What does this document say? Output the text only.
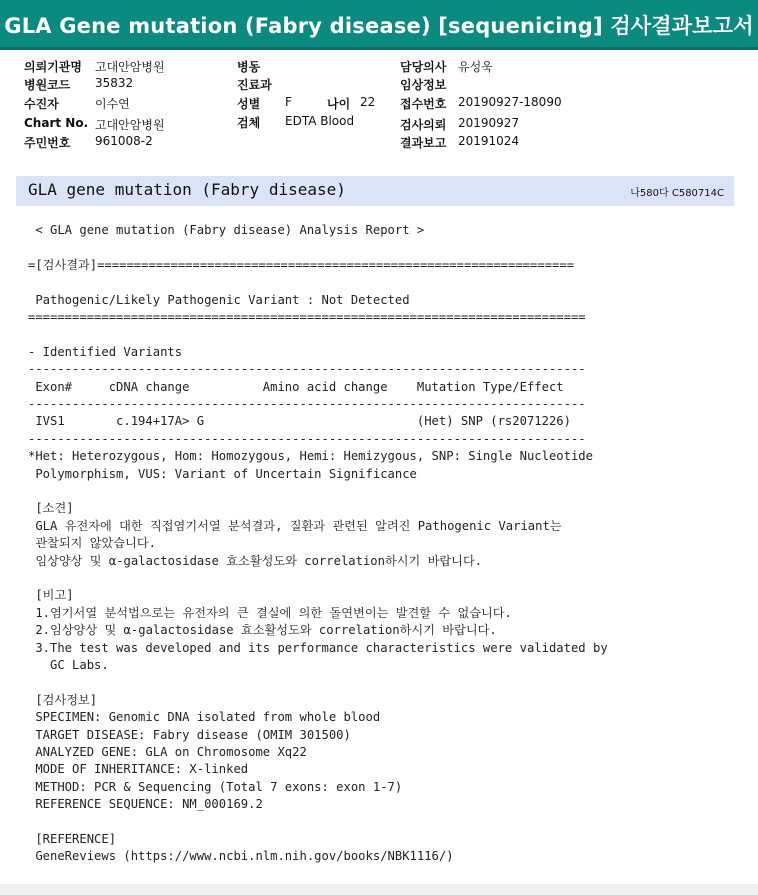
GLA Gene mutation (Fabry disease) [sequenicing] 검사결과보고서
의뢰기관명 고대안암병원
병원코드 35832
수진자	이수연
Chart No. 고대안암병원
주민번호 961008-2
병동
진료과
성별 F	나이 22
검체 EDTA Blood
담당의사 유성욱
임상정보
접수번호 20190927-18090
검사의뢰 20190927
결과보고 20191024
GLA gene mutation (Fabry disease)	나580다 C580714C
< GLA gene mutation (Fabry disease) Analysis Report >
=[검사결과]=================================================================
Pathogenic/Likely Pathogenic Variant : Not Detected
============================================================================
- Identified Variants
----------------------------------------------------------------------------
Exon#     cDNA change          Amino acid change    Mutation Type/Effect
----------------------------------------------------------------------------
IVS1       c.194+17A> G                             (Het) SNP (rs2071226)
----------------------------------------------------------------------------
*Het: Heterozygous, Hom: Homozygous, Hemi: Hemizygous, SNP: Single Nucleotide
Polymorphism, VUS: Variant of Uncertain Significance
[소견]
GLA 유전자에 대한 직접염기서열 분석결과, 질환과 관련된 알려진 Pathogenic Variant는
관찰되지 않았습니다.
임상양상 및 α-galactosidase 효소활성도와 correlation하시기 바랍니다.
[비고]
1.염기서열 분석법으로는 유전자의 큰 결실에 의한 돌연변이는 발견할 수 없습니다.
2.임상양상 및 α-galactosidase 효소활성도와 correlation하시기 바랍니다.
3.The test was developed and its performance characteristics were validated by
GC Labs.
[검사정보]
SPECIMEN: Genomic DNA isolated from whole blood
TARGET DISEASE: Fabry disease (OMIM 301500)
ANALYZED GENE: GLA on Chromosome Xq22
MODE OF INHERITANCE: X-linked
METHOD: PCR & Sequencing (Total 7 exons: exon 1-7)
REFERENCE SEQUENCE: NM_000169.2
[REFERENCE]
GeneReviews (https://www.ncbi.nlm.nih.gov/books/NBK1116/)
